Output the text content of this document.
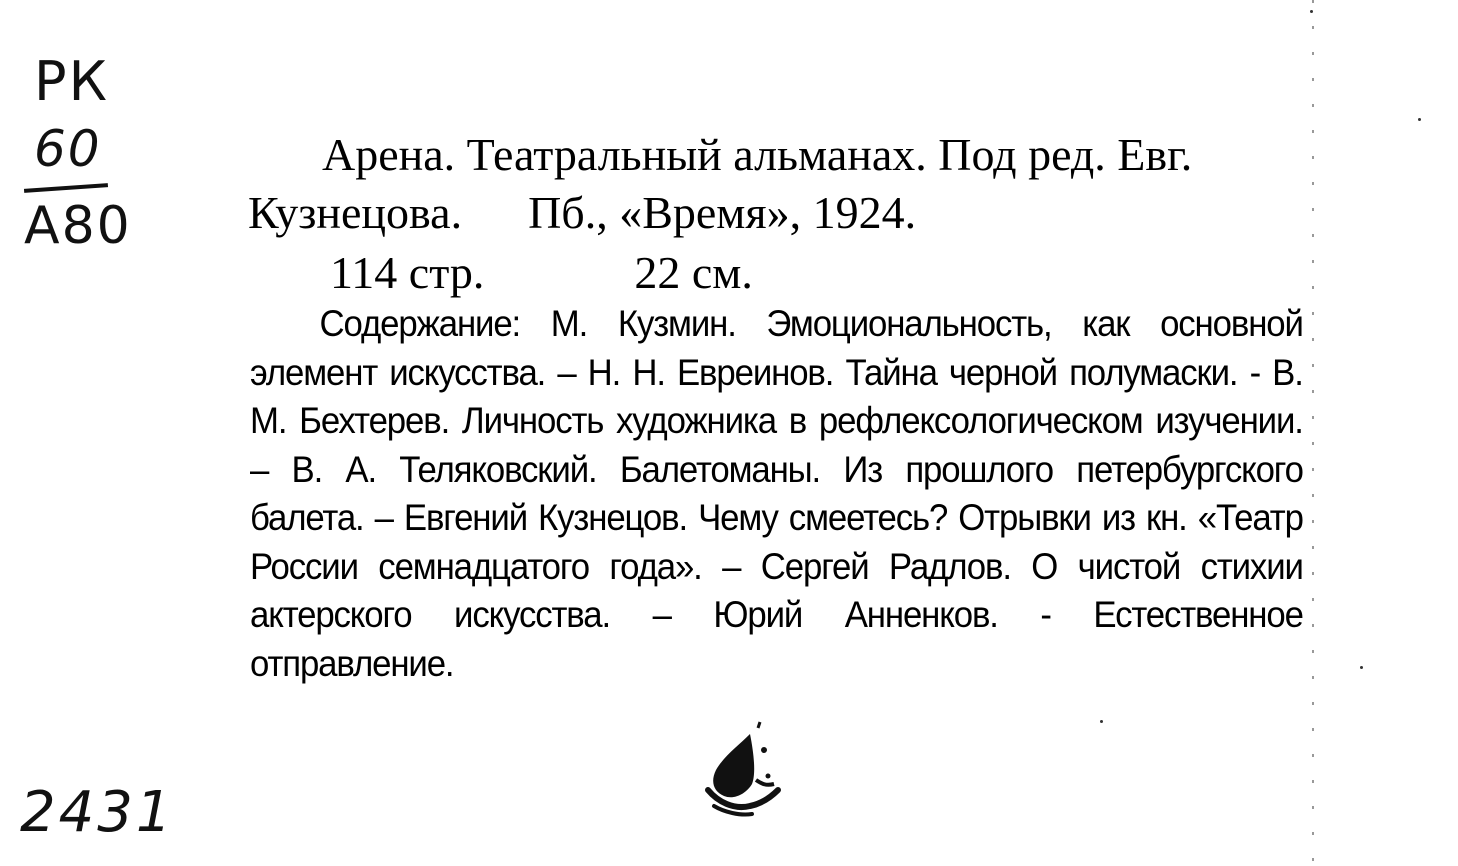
РК
60
А80
Арена. Театральный альманах. Под ред. Евг.
Кузнецова. Пб., «Время», 1924.
114 стр.	22 см.
Содержание: М. Кузмин. Эмоциональность, как основной элемент искусства. – Н. Н. Евреинов. Тайна черной полумаски. - В. М. Бехтерев. Личность художника в рефлексологическом изучении. – В. А. Теляковский. Балетоманы. Из прошлого петербургского балета. – Евгений Кузнецов. Чему смеетесь? Отрывки из кн. «Театр России семнадцатого года». – Сергей Радлов. О чистой стихии актерского искусства. – Юрий Анненков. - Естественное отправление.
2431
